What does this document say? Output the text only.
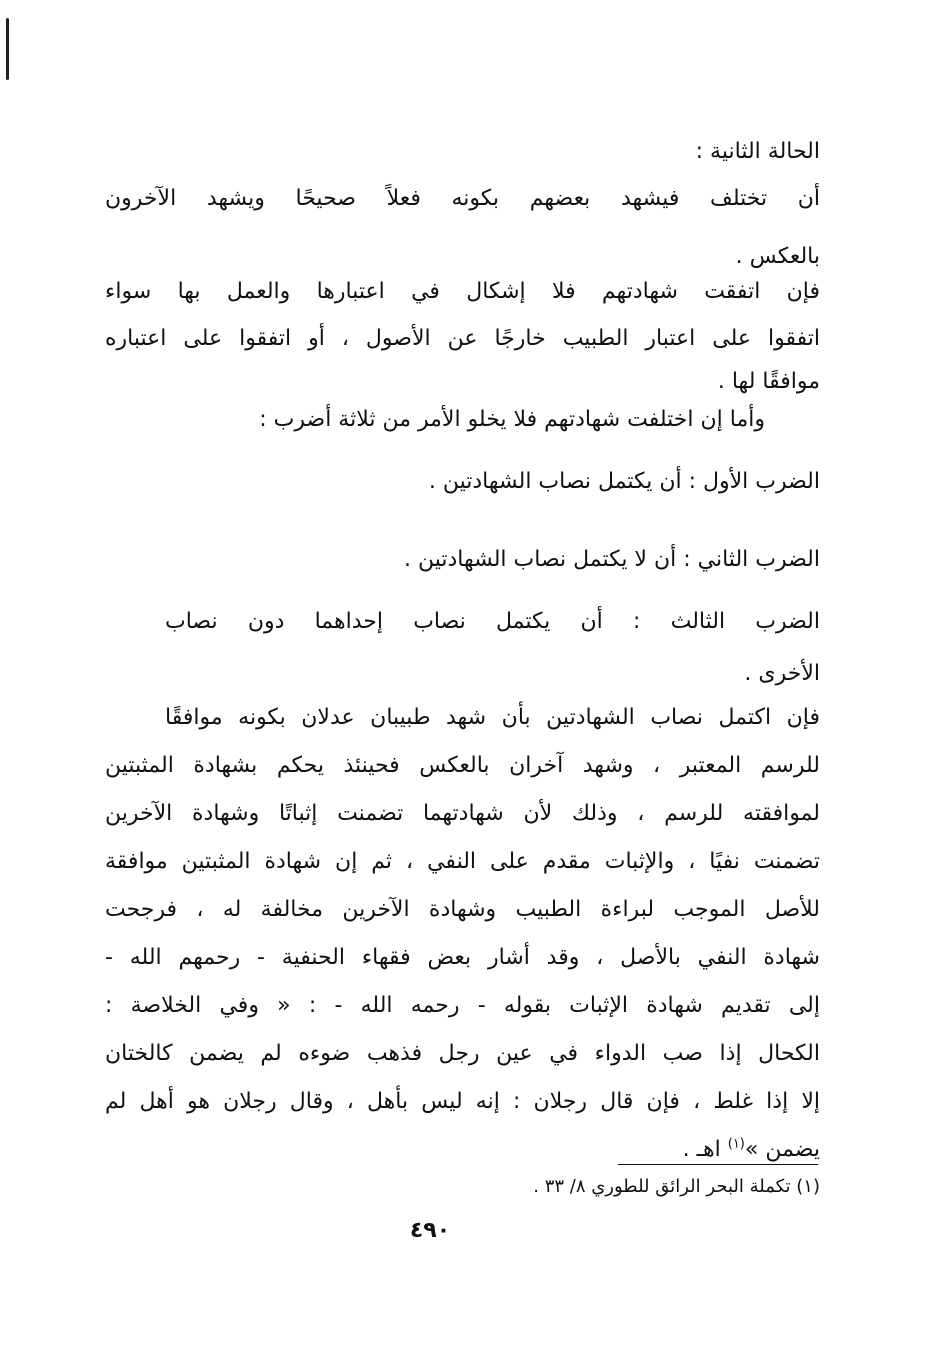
الحالة الثانية :
أن تختلف فيشهد بعضهم بكونه فعلاً صحيحًا ويشهد الآخرون
بالعكس .
فإن اتفقت شهادتهم فلا إشكال في اعتبارها والعمل بها سواء
اتفقوا على اعتبار الطبيب خارجًا عن الأصول ، أو اتفقوا على اعتباره
موافقًا لها .
وأما إن اختلفت شهادتهم فلا يخلو الأمر من ثلاثة أضرب :
الضرب الأول : أن يكتمل نصاب الشهادتين .
الضرب الثاني : أن لا يكتمل نصاب الشهادتين .
الضرب الثالث : أن يكتمل نصاب إحداهما دون نصاب
الأخرى .
فإن اكتمل نصاب الشهادتين بأن شهد طبيبان عدلان بكونه موافقًا
للرسم المعتبر ، وشهد آخران بالعكس فحينئذ يحكم بشهادة المثبتين
لموافقته للرسم ، وذلك لأن شهادتهما تضمنت إثباتًا وشهادة الآخرين
تضمنت نفيًا ، والإثبات مقدم على النفي ، ثم إن شهادة المثبتين موافقة
للأصل الموجب لبراءة الطبيب وشهادة الآخرين مخالفة له ، فرجحت
شهادة النفي بالأصل ، وقد أشار بعض فقهاء الحنفية - رحمهم الله -
إلى تقديم شهادة الإثبات بقوله - رحمه الله - : « وفي الخلاصة :
الكحال إذا صب الدواء في عين رجل فذهب ضوءه لم يضمن كالختان
إلا إذا غلط ، فإن قال رجلان : إنه ليس بأهل ، وقال رجلان هو أهل لم
يضمن »$^{(١)}$ اهـ .
(١) تكملة البحر الرائق للطوري ٨/ ٣٣ .
٤٩٠
